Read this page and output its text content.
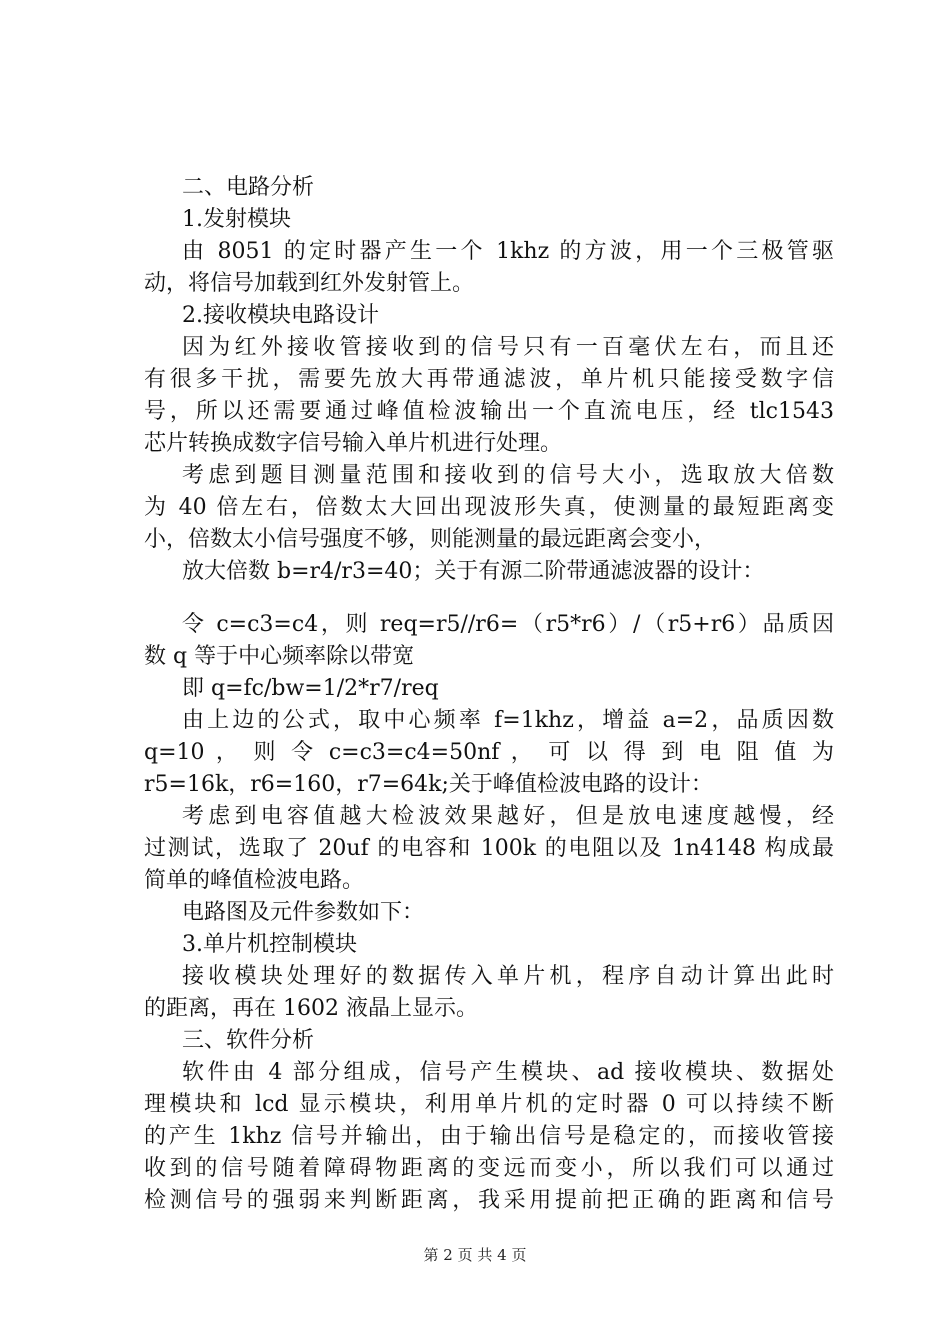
二、电路分析
1.发射模块
由 8051 的定时器产生一个 1khz 的方波，用一个三极管驱
动，将信号加载到红外发射管上。
2.接收模块电路设计
因为红外接收管接收到的信号只有一百毫伏左右，而且还
有很多干扰，需要先放大再带通滤波，单片机只能接受数字信
号，所以还需要通过峰值检波输出一个直流电压，经 tlc1543
芯片转换成数字信号输入单片机进行处理。
考虑到题目测量范围和接收到的信号大小，选取放大倍数
为 40 倍左右，倍数太大回出现波形失真，使测量的最短距离变
小，倍数太小信号强度不够，则能测量的最远距离会变小，
放大倍数 b=r4/r3=40；关于有源二阶带通滤波器的设计：
令 c=c3=c4，则 req=r5//r6=（r5*r6）/（r5+r6）品质因
数 q 等于中心频率除以带宽
即 q=fc/bw=1/2*r7/req
由上边的公式，取中心频率 f=1khz，增益 a=2，品质因数
q=10 ， 则 令 c=c3=c4=50nf ， 可 以 得 到 电 阻 值 为
r5=16k，r6=160，r7=64k;关于峰值检波电路的设计：
考虑到电容值越大检波效果越好，但是放电速度越慢，经
过测试，选取了 20uf 的电容和 100k 的电阻以及 1n4148 构成最
简单的峰值检波电路。
电路图及元件参数如下：
3.单片机控制模块
接收模块处理好的数据传入单片机，程序自动计算出此时
的距离，再在 1602 液晶上显示。
三、软件分析
软件由 4 部分组成，信号产生模块、ad 接收模块、数据处
理模块和 lcd 显示模块，利用单片机的定时器 0 可以持续不断
的产生 1khz 信号并输出，由于输出信号是稳定的，而接收管接
收到的信号随着障碍物距离的变远而变小，所以我们可以通过
检测信号的强弱来判断距离，我采用提前把正确的距离和信号
第 2 页 共 4 页
